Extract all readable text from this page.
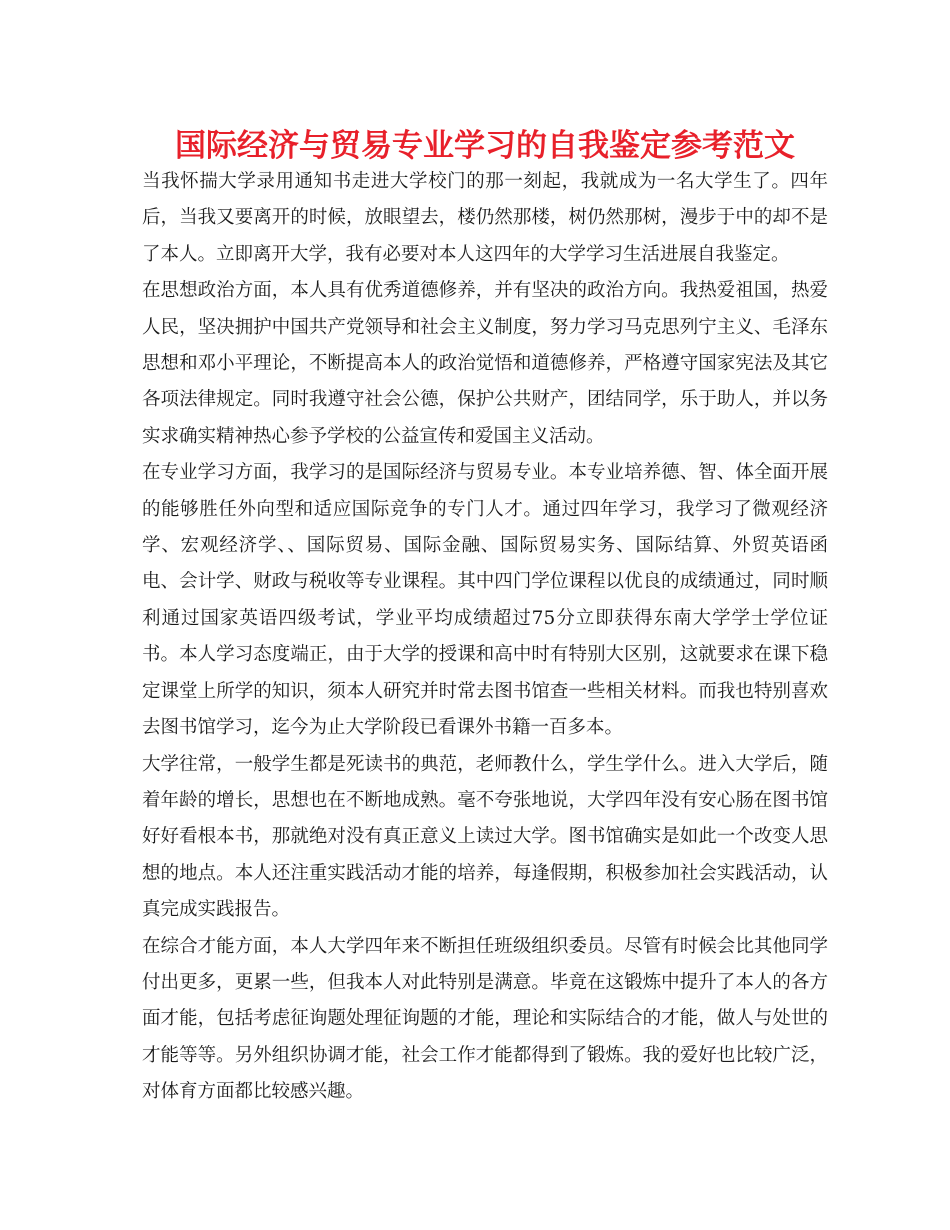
国际经济与贸易专业学习的自我鉴定参考范文

当我怀揣大学录用通知书走进大学校门的那一刻起，我就成为一名大学生了。四年后，当我又要离开的时候，放眼望去，楼仍然那楼，树仍然那树，漫步于中的却不是了本人。立即离开大学，我有必要对本人这四年的大学学习生活进展自我鉴定。

在思想政治方面，本人具有优秀道德修养，并有坚决的政治方向。我热爱祖国，热爱人民，坚决拥护中国共产党领导和社会主义制度，努力学习马克思列宁主义、毛泽东思想和邓小平理论，不断提高本人的政治觉悟和道德修养，严格遵守国家宪法及其它各项法律规定。同时我遵守社会公德，保护公共财产，团结同学，乐于助人，并以务实求确实精神热心参予学校的公益宣传和爱国主义活动。

在专业学习方面，我学习的是国际经济与贸易专业。本专业培养德、智、体全面开展的能够胜任外向型和适应国际竞争的专门人才。通过四年学习，我学习了微观经济学、宏观经济学、、国际贸易、国际金融、国际贸易实务、国际结算、外贸英语函电、会计学、财政与税收等专业课程。其中四门学位课程以优良的成绩通过，同时顺利通过国家英语四级考试，学业平均成绩超过75分立即获得东南大学学士学位证书。本人学习态度端正，由于大学的授课和高中时有特别大区别，这就要求在课下稳定课堂上所学的知识，须本人研究并时常去图书馆查一些相关材料。而我也特别喜欢去图书馆学习，迄今为止大学阶段已看课外书籍一百多本。

大学往常，一般学生都是死读书的典范，老师教什么，学生学什么。进入大学后，随着年龄的增长，思想也在不断地成熟。毫不夸张地说，大学四年没有安心肠在图书馆好好看根本书，那就绝对没有真正意义上读过大学。图书馆确实是如此一个改变人思想的地点。本人还注重实践活动才能的培养，每逢假期，积极参加社会实践活动，认真完成实践报告。

在综合才能方面，本人大学四年来不断担任班级组织委员。尽管有时候会比其他同学付出更多，更累一些，但我本人对此特别是满意。毕竟在这锻炼中提升了本人的各方面才能，包括考虑征询题处理征询题的才能，理论和实际结合的才能，做人与处世的才能等等。另外组织协调才能，社会工作才能都得到了锻炼。我的爱好也比较广泛，对体育方面都比较感兴趣。
